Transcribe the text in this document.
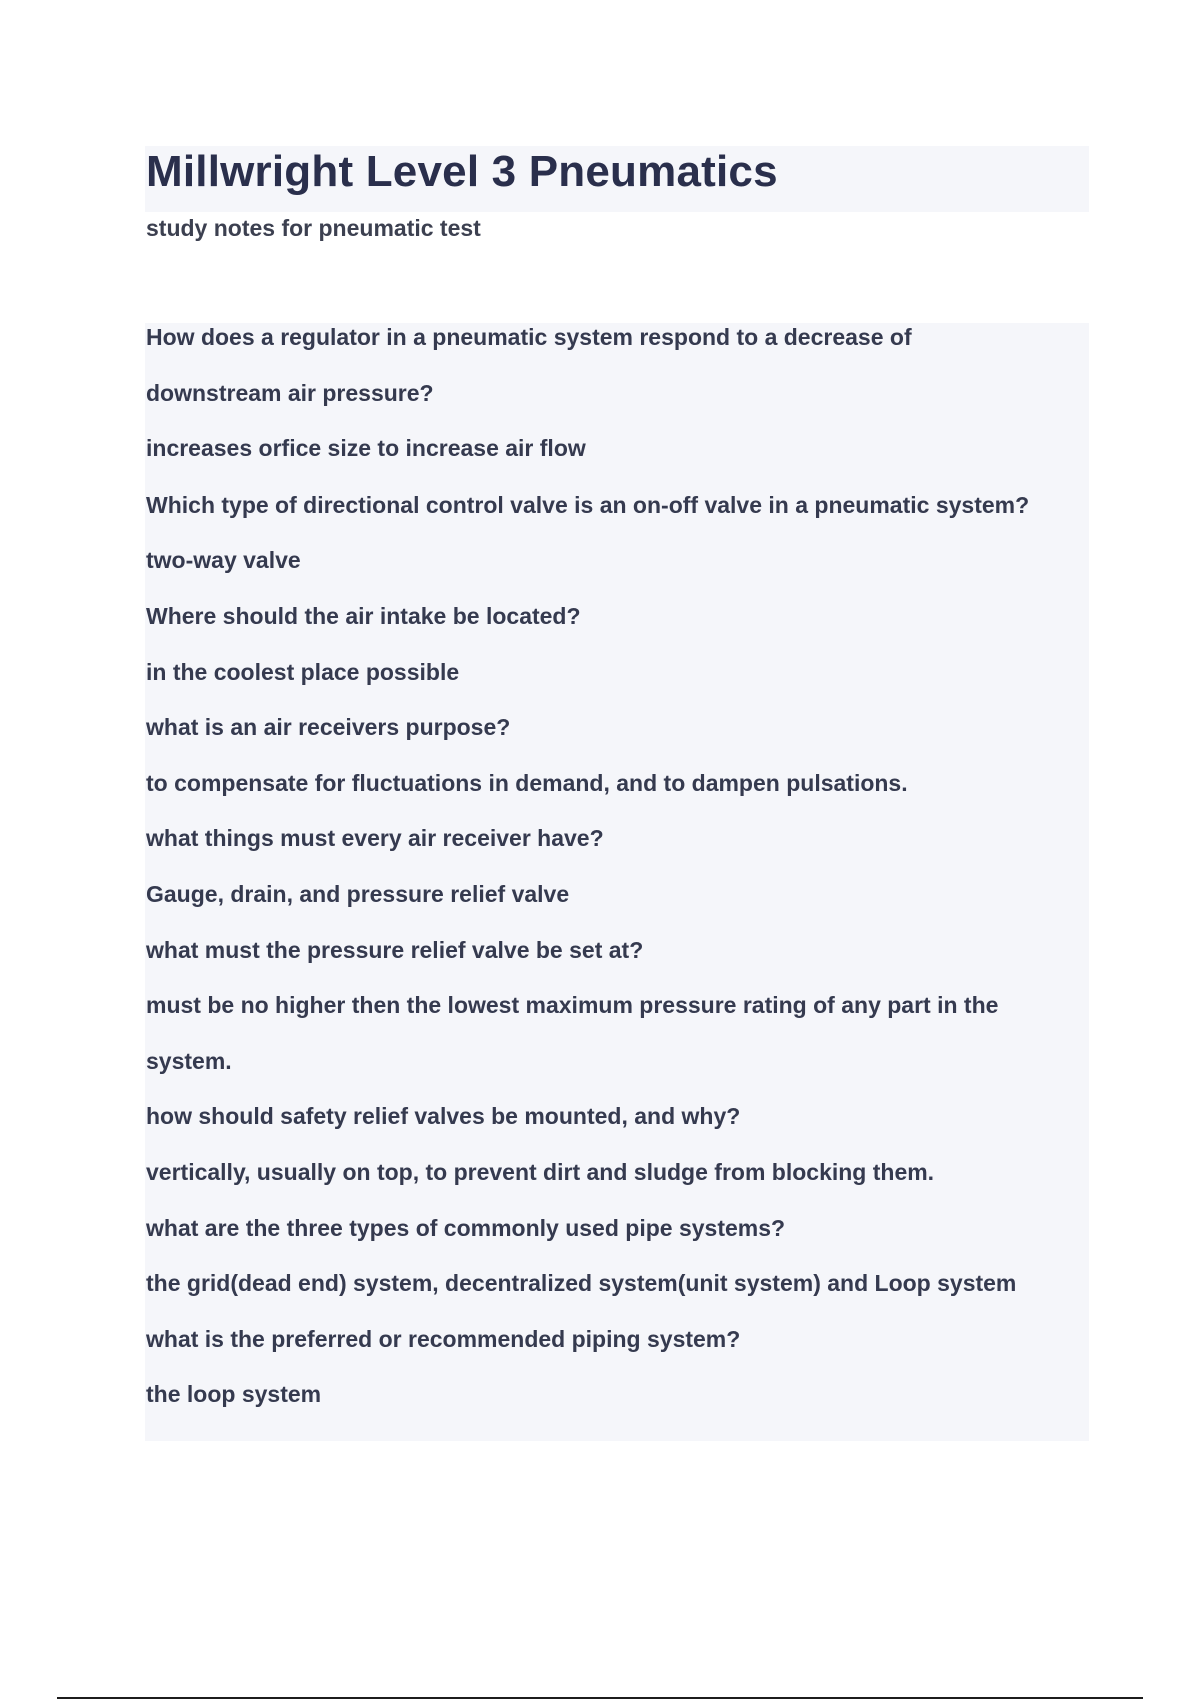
Millwright Level 3 Pneumatics

study notes for pneumatic test

How does a regulator in a pneumatic system respond to a decrease of

downstream air pressure?

increases orfice size to increase air flow

Which type of directional control valve is an on-off valve in a pneumatic system?

two-way valve

Where should the air intake be located?

in the coolest place possible

what is an air receivers purpose?

to compensate for fluctuations in demand, and to dampen pulsations.

what things must every air receiver have?

Gauge, drain, and pressure relief valve

what must the pressure relief valve be set at?

must be no higher then the lowest maximum pressure rating of any part in the

system.

how should safety relief valves be mounted, and why?

vertically, usually on top, to prevent dirt and sludge from blocking them.

what are the three types of commonly used pipe systems?

the grid(dead end) system, decentralized system(unit system) and Loop system

what is the preferred or recommended piping system?

the loop system
